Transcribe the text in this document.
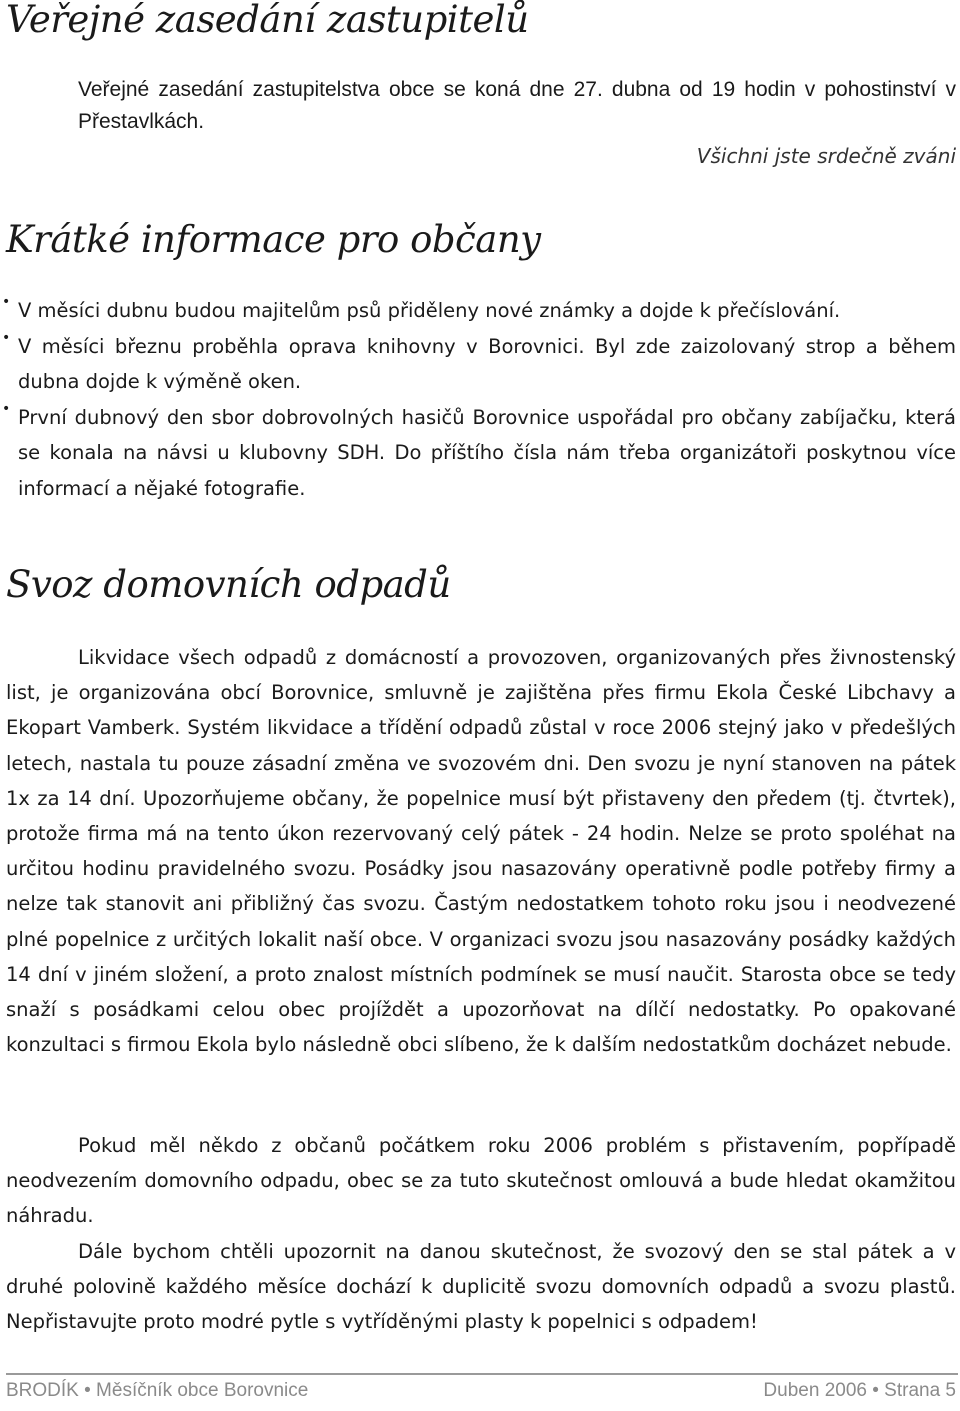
Veřejné zasedání zastupitelů

Veřejné zasedání zastupitelstva obce se koná dne 27. dubna od 19 hodin v pohostinství v Přestavlkách.

Všichni jste srdečně zváni

Krátké informace pro občany
• V měsíci dubnu budou majitelům psů přiděleny nové známky a dojde k přečíslování.
• V měsíci březnu proběhla oprava knihovny v Borovnici. Byl zde zaizolovaný strop a během dubna dojde k výměně oken.
• První dubnový den sbor dobrovolných hasičů Borovnice uspořádal pro občany zabíjačku, která se konala na návsi u klubovny SDH. Do příštího čísla nám třeba organizátoři poskytnou více informací a nějaké fotografie.
Svoz domovních odpadů

Likvidace všech odpadů z domácností a provozoven, organizovaných přes živnostenský list, je organizována obcí Borovnice, smluvně je zajištěna přes firmu Ekola České Libchavy a Ekopart Vamberk. Systém likvidace a třídění odpadů zůstal v roce 2006 stejný jako v předešlých letech, nastala tu pouze zásadní změna ve svozovém dni. Den svozu je nyní stanoven na pátek 1x za 14 dní. Upozorňujeme občany, že popelnice musí být přistaveny den předem (tj. čtvrtek), protože firma má na tento úkon rezervovaný celý pátek - 24 hodin. Nelze se proto spoléhat na určitou hodinu pravidelného svozu. Posádky jsou nasazovány operativně podle potřeby firmy a nelze tak stanovit ani přibližný čas svozu. Častým nedostatkem tohoto roku jsou i neodvezené plné popelnice z určitých lokalit naší obce. V organizaci svozu jsou nasazovány posádky každých 14 dní v jiném složení, a proto znalost místních podmínek se musí naučit. Starosta obce se tedy snaží s posádkami celou obec projíždět a upozorňovat na dílčí nedostatky. Po opakované konzultaci s firmou Ekola bylo následně obci slíbeno, že k dalším nedostatkům docházet nebude.

Pokud měl někdo z občanů počátkem roku 2006 problém s přistavením, popřípadě neodvezením domovního odpadu, obec se za tuto skutečnost omlouvá a bude hledat okamžitou náhradu.

Dále bychom chtěli upozornit na danou skutečnost, že svozový den se stal pátek a v druhé polovině každého měsíce dochází k duplicitě svozu domovních odpadů a svozu plastů. Nepřistavujte proto modré pytle s vytříděnými plasty k popelnici s odpadem!

BRODÍK • Měsíčník obce Borovnice	Duben 2006 • Strana 5
